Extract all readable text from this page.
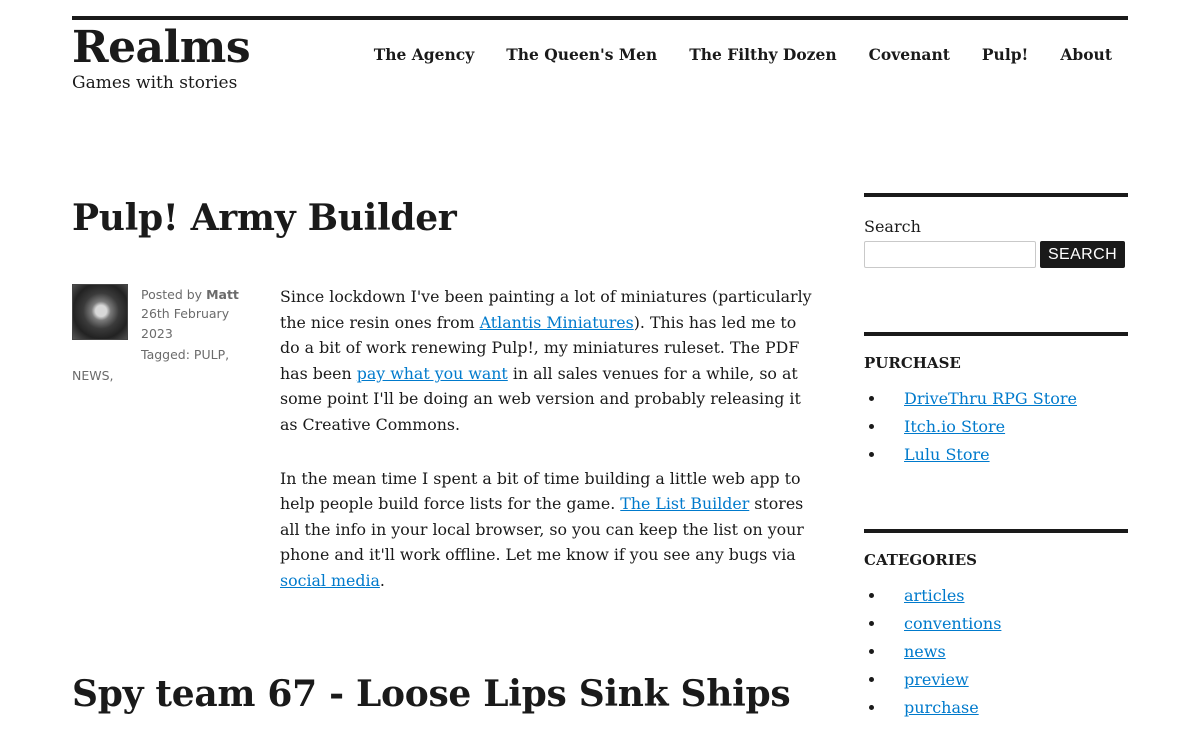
Realms
Games with stories
The Agency The Queen's Men The Filthy Dozen Covenant Pulp! About
Pulp! Army Builder
Posted by Matt
26th February 2023
Tagged: PULP,
NEWS,

Since lockdown I've been painting a lot of miniatures (particularly the nice resin ones from Atlantis Miniatures). This has led me to do a bit of work renewing Pulp!, my miniatures ruleset. The PDF has been pay what you want in all sales venues for a while, so at some point I'll be doing an web version and probably releasing it as Creative Commons.

In the mean time I spent a bit of time building a little web app to help people build force lists for the game. The List Builder stores all the info in your local browser, so you can keep the list on your phone and it'll work offline. Let me know if you see any bugs via social media.

Spy team 67 - Loose Lips Sink Ships
Search
SEARCH
PURCHASE
• DriveThru RPG Store
• Itch.io Store
• Lulu Store
CATEGORIES
• articles
• conventions
• news
• preview
• purchase
